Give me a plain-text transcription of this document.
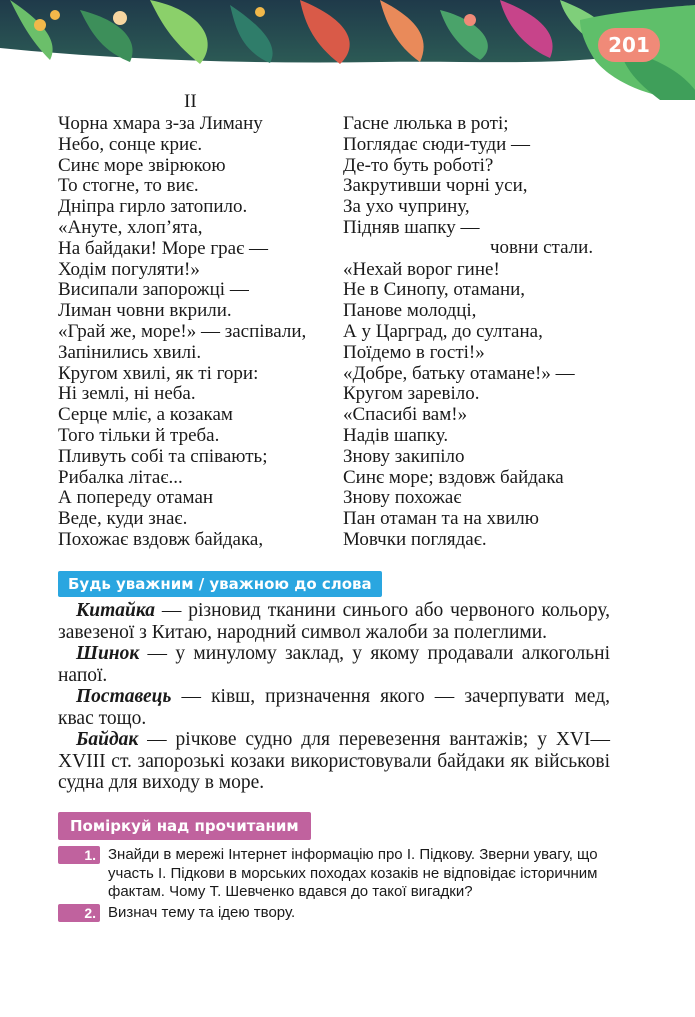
201
II
Чорна хмара з-за Лиману
Небо, сонце криє.
Синє море звірюкою
То стогне, то виє.
Дніпра гирло затопило.
«Ануте, хлоп’ята,
На байдаки! Море грає —
Ходім погуляти!»
Висипали запорожці —
Лиман човни вкрили.
«Грай же, море!» — заспівали,
Запінились хвилі.
Кругом хвилі, як ті гори:
Ні землі, ні неба.
Серце мліє, а козакам
Того тільки й треба.
Пливуть собі та співають;
Рибалка літає...
А попереду отаман
Веде, куди знає.
Похожає вздовж байдака,
Гасне люлька в роті;
Поглядає сюди-туди —
Де-то буть роботі?
Закрутивши чорні уси,
За ухо чуприну,
Підняв шапку —

«Нехай ворог гине!
Не в Синопу, отамани,
Панове молодці,
А у Царград, до султана,
Поїдемо в гості!»
«Добре, батьку отамане!» —
Кругом заревіло.
«Спасибі вам!»
Надів шапку.
Знову закипіло
Синє море; вздовж байдака
Знову похожає
Пан отаман та на хвилю
Мовчки поглядає.
човни стали.
Будь уважним / уважною до слова

Китайка — різновид тканини синього або червоного кольору, завезеної з Китаю, народний символ жалоби за полеглими.

Шинок — у минулому заклад, у якому продавали алкогольні напої.

Поставець — ківш, призначення якого — зачерпувати мед, квас тощо.

Байдак — річкове судно для перевезення вантажів; у XVI—XVIII ст. запорозькі козаки використовували байдаки як військові судна для виходу в море.

Поміркуй над прочитаним
1. Знайди в мережі Інтернет інформацію про І. Підкову. Зверни увагу, що участь І. Підкови в морських походах козаків не відповідає історичним фактам. Чому Т. Шевченко вдався до такої вигадки?
2. Визнач тему та ідею твору.
